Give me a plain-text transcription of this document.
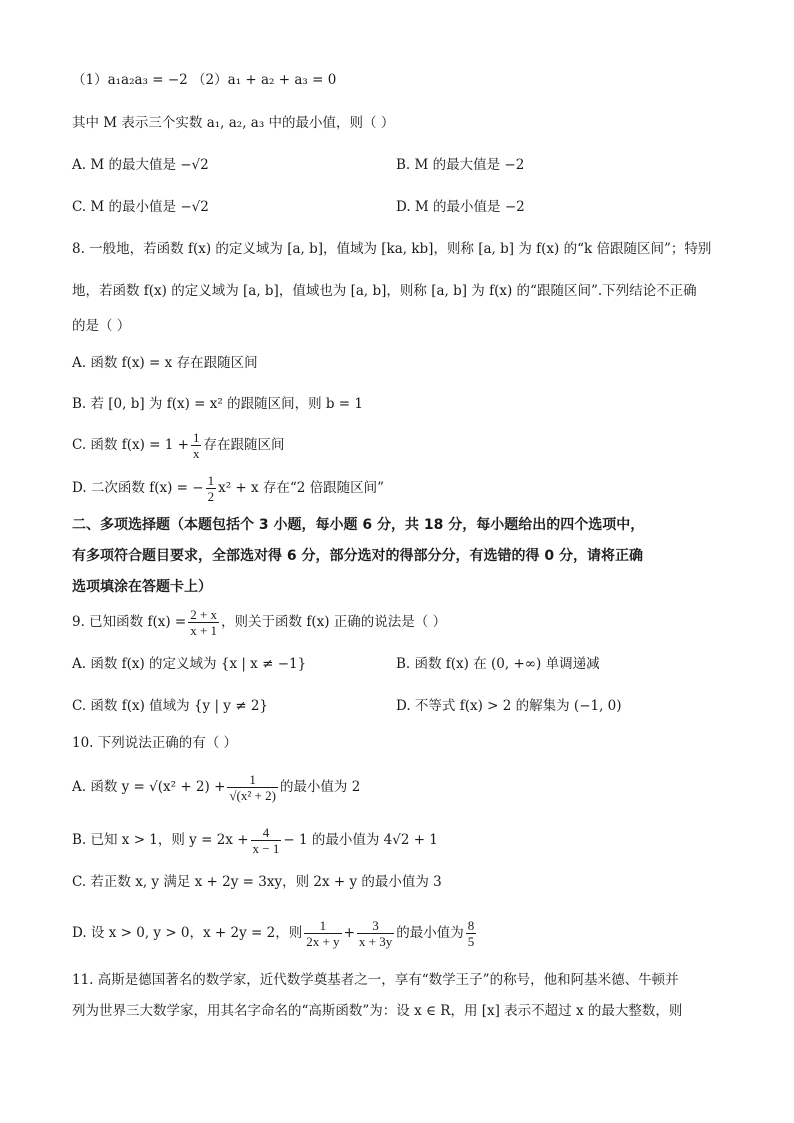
（1）a₁a₂a₃ = −2 （2）a₁ + a₂ + a₃ = 0
其中 M 表示三个实数 a₁, a₂, a₃ 中的最小值，则（ ）
A. M 的最大值是 −√2	B. M 的最大值是 −2
C. M 的最小值是 −√2	D. M 的最小值是 −2
8. 一般地，若函数 f(x) 的定义域为 [a, b]，值域为 [ka, kb]，则称 [a, b] 为 f(x) 的“k 倍跟随区间”；特别
地，若函数 f(x) 的定义域为 [a, b]，值域也为 [a, b]，则称 [a, b] 为 f(x) 的“跟随区间”.下列结论不正确
的是（ ）
A. 函数 f(x) = x 存在跟随区间
B. 若 [0, b] 为 f(x) = x² 的跟随区间，则 b = 1
C. 函数 $f(x) = 1 + \frac{1}{x}$ 存在跟随区间
D. 二次函数 f(x) = − $\frac{1}{2} x^2 + x$ 存在“2 倍跟随区间”
二、多项选择题（本题包括个 3 小题，每小题 6 分，共 18 分，每小题给出的四个选项中，
有多项符合题目要求，全部选对得 6 分，部分选对的得部分分，有选错的得 0 分，请将正确
选项填涂在答题卡上）
9. 已知函数 $f(x) = \frac{2 + x}{x + 1}$ ，则关于函数 f(x) 正确的说法是（ ）
A. 函数 f(x) 的定义域为 {x | x ≠ −1}	B. 函数 f(x) 在 (0, +∞) 单调递减
C. 函数 f(x) 值域为 {y | y ≠ 2}	D. 不等式 f(x) > 2 的解集为 (−1, 0)
10. 下列说法正确的有（ ）
A. 函数 $y = √(x^2 + 2) + \frac{1}{\text{√(x² + 2)}}$ 的最小值为 2
B. 已知 x > 1，则 $y = 2x + \frac{4}{x - 1} - 1$ 的最小值为 4√2 + 1
C. 若正数 x, y 满足 x + 2y = 3xy，则 2x + y 的最小值为 3
D. 设 x > 0, y > 0，x + 2y = 2，则 $\frac{1}{2x + y} + \frac{3}{x + 3y}$ 的最小值为 $\frac{8}{5}$
11. 高斯是德国著名的数学家，近代数学奠基者之一，享有“数学王子”的称号，他和阿基米德、牛顿并
列为世界三大数学家，用其名字命名的“高斯函数”为：设 x ∈ R，用 [x] 表示不超过 x 的最大整数，则
